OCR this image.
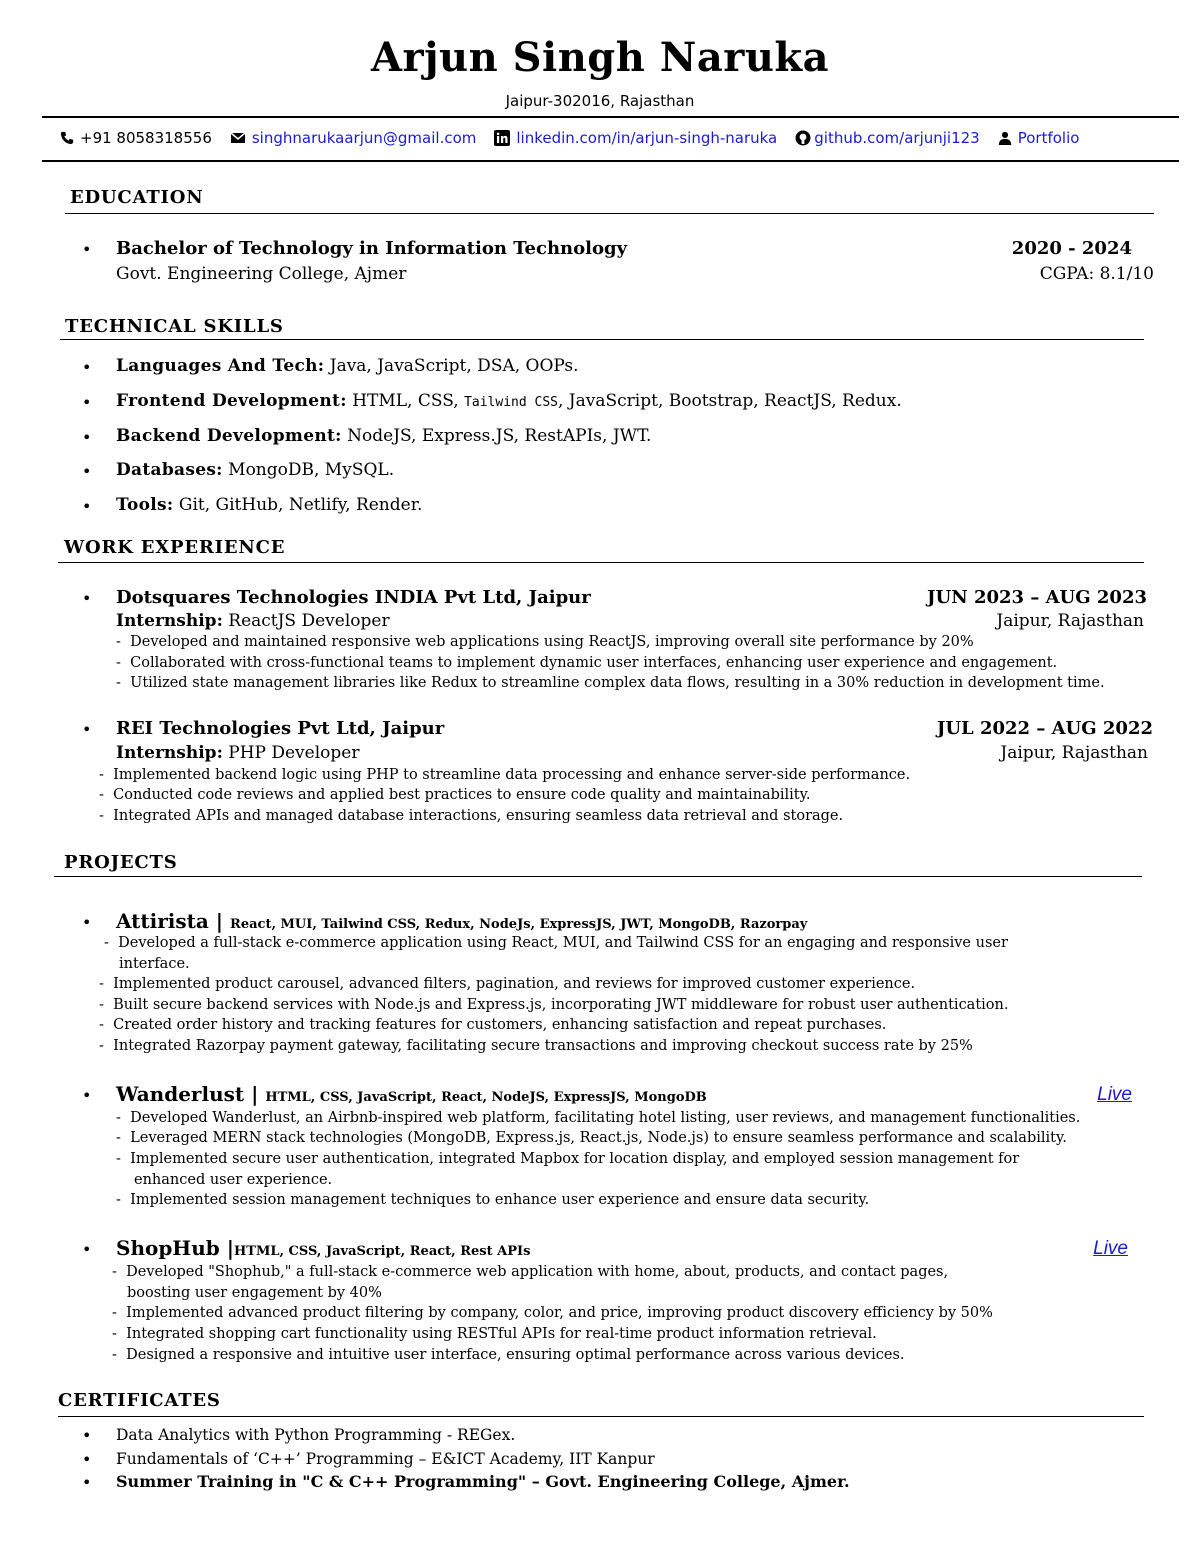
Arjun Singh Naruka
Jaipur-302016, Rajasthan
+91 8058318556	singhnarukaarjun@gmail.com	linkedin.com/in/arjun-singh-naruka github.com/arjunji123	Portfolio
EDUCATION
• Bachelor of Technology in Information Technology	2020 - 2024
Govt. Engineering College, Ajmer	CGPA: 8.1/10
TECHNICAL SKILLS
• Languages And Tech: Java, JavaScript, DSA, OOPs.
• Frontend Development: HTML, CSS, Tailwind CSS, JavaScript, Bootstrap, ReactJS, Redux.
• Backend Development: NodeJS, Express.JS, RestAPIs, JWT.
• Databases: MongoDB, MySQL.
• Tools: Git, GitHub, Netlify, Render.
WORK EXPERIENCE
• Dotsquares Technologies INDIA Pvt Ltd, Jaipur	JUN 2023 – AUG 2023
Internship: ReactJS Developer	Jaipur, Rajasthan
-  Developed and maintained responsive web applications using ReactJS, improving overall site performance by 20%
-  Collaborated with cross-functional teams to implement dynamic user interfaces, enhancing user experience and engagement.
-  Utilized state management libraries like Redux to streamline complex data flows, resulting in a 30% reduction in development time.
• REI Technologies Pvt Ltd, Jaipur	JUL 2022 – AUG 2022
Internship: PHP Developer	Jaipur, Rajasthan
-  Implemented backend logic using PHP to streamline data processing and enhance server-side performance.
-  Conducted code reviews and applied best practices to ensure code quality and maintainability.
-  Integrated APIs and managed database interactions, ensuring seamless data retrieval and storage.
PROJECTS
• Attirista | React, MUI, Tailwind CSS, Redux, NodeJs, ExpressJS, JWT, MongoDB, Razorpay
-  Developed a full-stack e-commerce application using React, MUI, and Tailwind CSS for an engaging and responsive user
interface.
-  Implemented product carousel, advanced filters, pagination, and reviews for improved customer experience.
-  Built secure backend services with Node.js and Express.js, incorporating JWT middleware for robust user authentication.
-  Created order history and tracking features for customers, enhancing satisfaction and repeat purchases.
-  Integrated Razorpay payment gateway, facilitating secure transactions and improving checkout success rate by 25%
• Wanderlust | HTML, CSS, JavaScript, React, NodeJS, ExpressJS, MongoDB	Live
-  Developed Wanderlust, an Airbnb-inspired web platform, facilitating hotel listing, user reviews, and management functionalities.
-  Leveraged MERN stack technologies (MongoDB, Express.js, React.js, Node.js) to ensure seamless performance and scalability.
-  Implemented secure user authentication, integrated Mapbox for location display, and employed session management for
enhanced user experience.
-  Implemented session management techniques to enhance user experience and ensure data security.
• ShopHub |HTML, CSS, JavaScript, React, Rest APIs	Live
-  Developed "Shophub," a full-stack e-commerce web application with home, about, products, and contact pages,
boosting user engagement by 40%
-  Implemented advanced product filtering by company, color, and price, improving product discovery efficiency by 50%
-  Integrated shopping cart functionality using RESTful APIs for real-time product information retrieval.
-  Designed a responsive and intuitive user interface, ensuring optimal performance across various devices.
CERTIFICATES
• Data Analytics with Python Programming - REGex.
• Fundamentals of ‘C++’ Programming – E&ICT Academy, IIT Kanpur
• Summer Training in "C & C++ Programming" – Govt. Engineering College, Ajmer.
